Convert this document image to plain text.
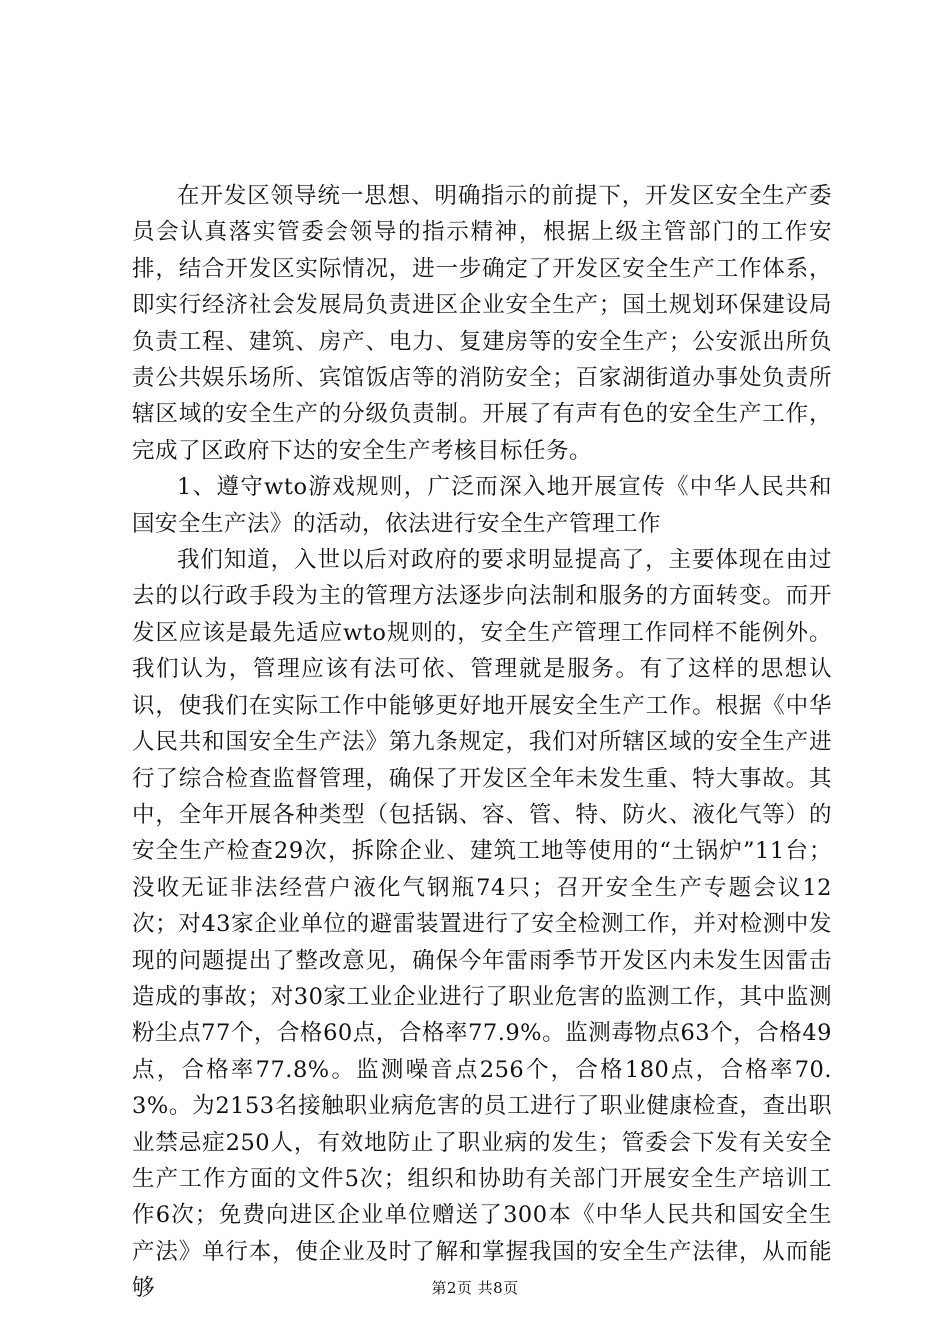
在开发区领导统一思想、明确指示的前提下，开发区安全生产委员会认真落实管委会领导的指示精神，根据上级主管部门的工作安排，结合开发区实际情况，进一步确定了开发区安全生产工作体系，即实行经济社会发展局负责进区企业安全生产；国土规划环保建设局负责工程、建筑、房产、电力、复建房等的安全生产；公安派出所负责公共娱乐场所、宾馆饭店等的消防安全；百家湖街道办事处负责所辖区域的安全生产的分级负责制。开展了有声有色的安全生产工作，完成了区政府下达的安全生产考核目标任务。

1、遵守wto游戏规则，广泛而深入地开展宣传《中华人民共和国安全生产法》的活动，依法进行安全生产管理工作

我们知道，入世以后对政府的要求明显提高了，主要体现在由过去的以行政手段为主的管理方法逐步向法制和服务的方面转变。而开发区应该是最先适应wto规则的，安全生产管理工作同样不能例外。我们认为，管理应该有法可依、管理就是服务。有了这样的思想认识，使我们在实际工作中能够更好地开展安全生产工作。根据《中华人民共和国安全生产法》第九条规定，我们对所辖区域的安全生产进行了综合检查监督管理，确保了开发区全年未发生重、特大事故。其中，全年开展各种类型（包括锅、容、管、特、防火、液化气等）的安全生产检查29次，拆除企业、建筑工地等使用的“土锅炉”11台；没收无证非法经营户液化气钢瓶74只；召开安全生产专题会议12次；对43家企业单位的避雷装置进行了安全检测工作，并对检测中发现的问题提出了整改意见，确保今年雷雨季节开发区内未发生因雷击造成的事故；对30家工业企业进行了职业危害的监测工作，其中监测粉尘点77个，合格60点，合格率77.9%。监测毒物点63个，合格49点，合格率77.8%。监测噪音点256个，合格180点，合格率70.3%。为2153名接触职业病危害的员工进行了职业健康检查，查出职业禁忌症250人，有效地防止了职业病的发生；管委会下发有关安全生产工作方面的文件5次；组织和协助有关部门开展安全生产培训工作6次；免费向进区企业单位赠送了300本《中华人民共和国安全生产法》单行本，使企业及时了解和掌握我国的安全生产法律，从而能够	第2页 共8页
